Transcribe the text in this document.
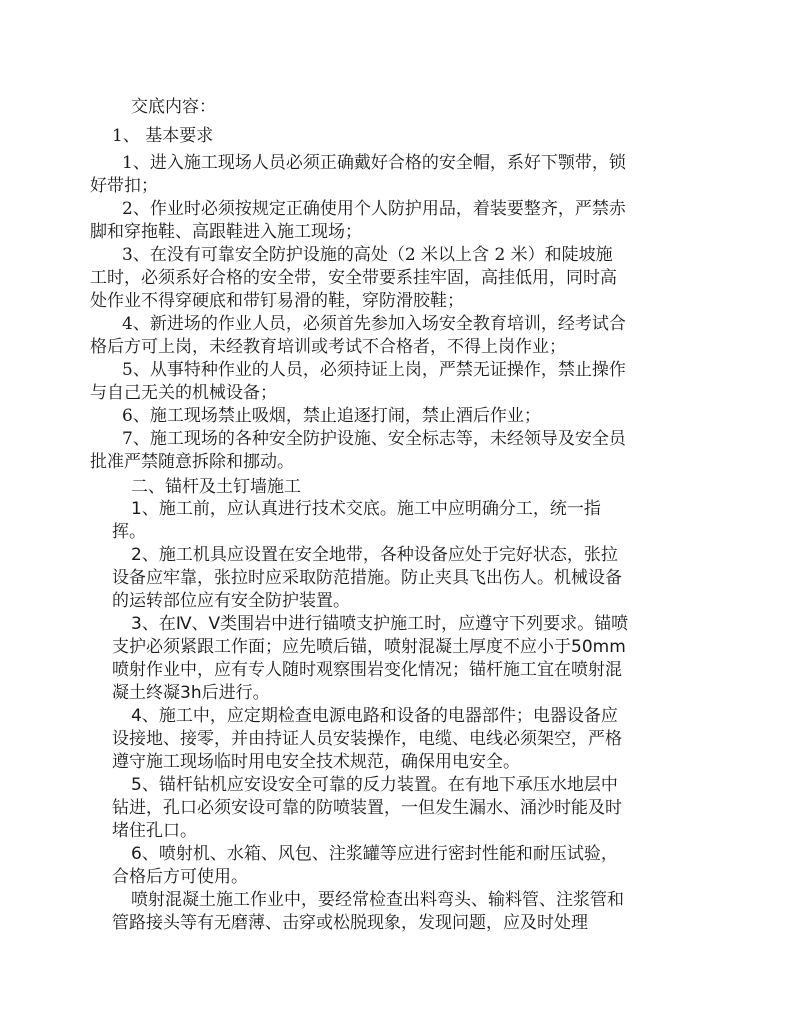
交底内容：
1、 基本要求
1、进入施工现场人员必须正确戴好合格的安全帽，系好下颚带，锁
好带扣；
2、作业时必须按规定正确使用个人防护用品，着装要整齐，严禁赤
脚和穿拖鞋、高跟鞋进入施工现场；
3、在没有可靠安全防护设施的高处（2 米以上含 2 米）和陡坡施
工时，必须系好合格的安全带，安全带要系挂牢固，高挂低用，同时高
处作业不得穿硬底和带钉易滑的鞋，穿防滑胶鞋；
4、新进场的作业人员，必须首先参加入场安全教育培训，经考试合
格后方可上岗，未经教育培训或考试不合格者，不得上岗作业；
5、从事特种作业的人员，必须持证上岗，严禁无证操作，禁止操作
与自己无关的机械设备；
6、施工现场禁止吸烟，禁止追逐打闹，禁止酒后作业；
7、施工现场的各种安全防护设施、安全标志等，未经领导及安全员
批准严禁随意拆除和挪动。
二、锚杆及土钉墙施工
1、施工前，应认真进行技术交底。施工中应明确分工，统一指
挥。
2、施工机具应设置在安全地带，各种设备应处于完好状态，张拉
设备应牢靠，张拉时应采取防范措施。防止夹具飞出伤人。机械设备
的运转部位应有安全防护装置。
3、在Ⅳ、Ⅴ类围岩中进行锚喷支护施工时，应遵守下列要求。锚喷
支护必须紧跟工作面；应先喷后锚，喷射混凝土厚度不应小于50mm
喷射作业中，应有专人随时观察围岩变化情况；锚杆施工宜在喷射混
凝土终凝3h后进行。
4、施工中，应定期检查电源电路和设备的电器部件；电器设备应
设接地、接零，并由持证人员安装操作，电缆、电线必须架空，严格
遵守施工现场临时用电安全技术规范，确保用电安全。
5、锚杆钻机应安设安全可靠的反力装置。在有地下承压水地层中
钻进，孔口必须安设可靠的防喷装置，一但发生漏水、涌沙时能及时
堵住孔口。
6、喷射机、水箱、风包、注浆罐等应进行密封性能和耐压试验，
合格后方可使用。
喷射混凝土施工作业中，要经常检查出料弯头、输料管、注浆管和
管路接头等有无磨薄、击穿或松脱现象，发现问题，应及时处理
